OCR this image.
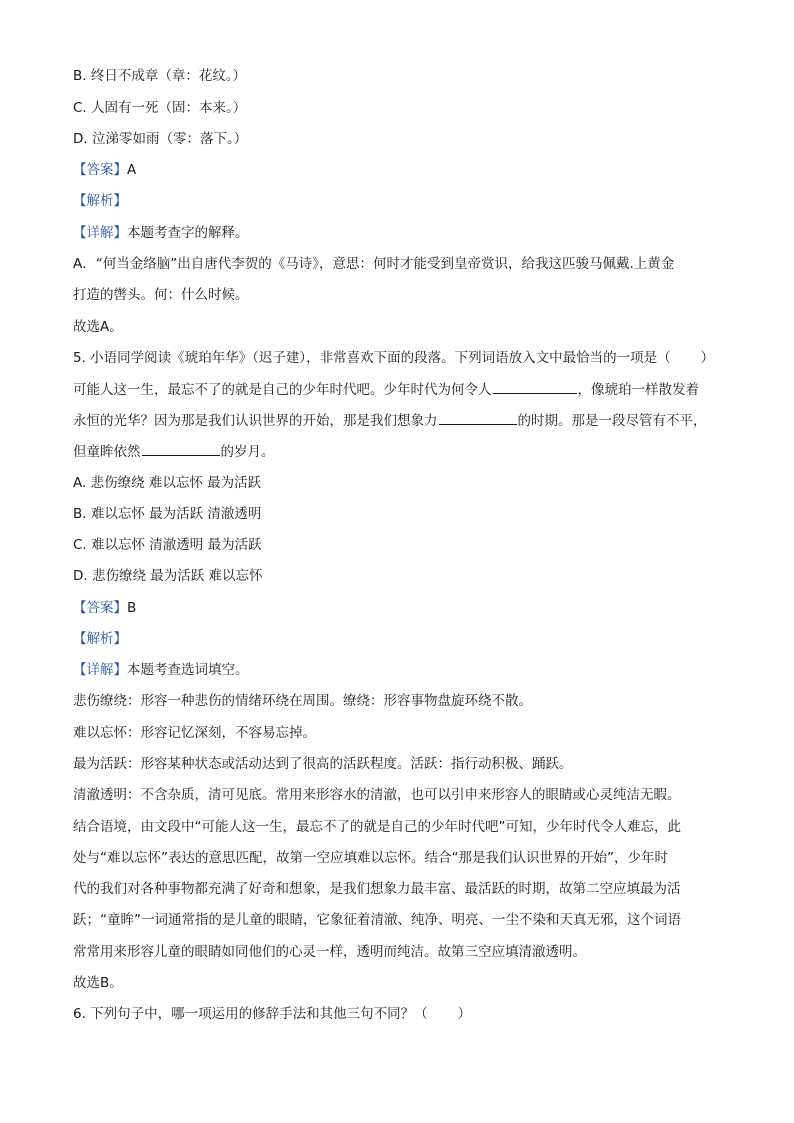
B. 终日不成章（章：花纹。）
C. 人固有一死（固：本来。）
D. 泣涕零如雨（零：落下。）
【答案】A
【解析】
【详解】本题考查字的解释。
A．“何当金络脑”出自唐代李贺的《马诗》，意思：何时才能受到皇帝赏识，给我这匹骏马佩戴.上黄金
打造的辔头。何：什么时候。
故选A。
5. 小语同学阅读《琥珀年华》（迟子建），非常喜欢下面的段落。下列词语放入文中最恰当的一项是（ ）
可能人这一生，最忘不了的就是自己的少年时代吧。少年时代为何令人	，像琥珀一样散发着
永恒的光华？因为那是我们认识世界的开始，那是我们想象力	的时期。那是一段尽管有不平，
但童眸依然	的岁月。
A. 悲伤缭绕 难以忘怀 最为活跃
B. 难以忘怀 最为活跃 清澈透明
C. 难以忘怀 清澈透明 最为活跃
D. 悲伤缭绕 最为活跃 难以忘怀
【答案】B
【解析】
【详解】本题考查选词填空。
悲伤缭绕：形容一种悲伤的情绪环绕在周围。缭绕：形容事物盘旋环绕不散。
难以忘怀：形容记忆深刻，不容易忘掉。
最为活跃：形容某种状态或活动达到了很高的活跃程度。活跃：指行动积极、踊跃。
清澈透明：不含杂质，清可见底。常用来形容水的清澈，也可以引申来形容人的眼睛或心灵纯洁无暇。
结合语境，由文段中“可能人这一生，最忘不了的就是自己的少年时代吧”可知，少年时代令人难忘，此
处与“难以忘怀”表达的意思匹配，故第一空应填难以忘怀。结合“那是我们认识世界的开始”，少年时
代的我们对各种事物都充满了好奇和想象，是我们想象力最丰富、最活跃的时期，故第二空应填最为活
跃；“童眸”一词通常指的是儿童的眼睛，它象征着清澈、纯净、明亮、一尘不染和天真无邪，这个词语
常常用来形容儿童的眼睛如同他们的心灵一样，透明而纯洁。故第三空应填清澈透明。
故选B。
6. 下列句子中，哪一项运用的修辞手法和其他三句不同？（ ）
